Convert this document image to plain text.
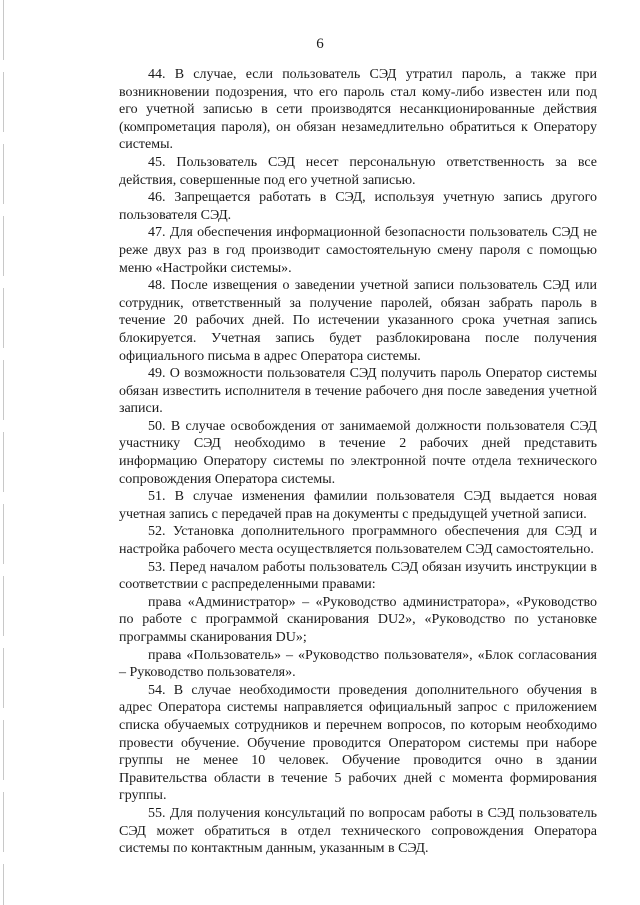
6

44. В случае, если пользователь СЭД утратил пароль, а также при возникновении подозрения, что его пароль стал кому-либо известен или под его учетной записью в сети производятся несанкционированные действия (компрометация пароля), он обязан незамедлительно обратиться к Оператору системы.

45. Пользователь СЭД несет персональную ответственность за все действия, совершенные под его учетной записью.

46. Запрещается работать в СЭД, используя учетную запись другого пользователя СЭД.

47. Для обеспечения информационной безопасности пользователь СЭД не реже двух раз в год производит самостоятельную смену пароля с помощью меню «Настройки системы».

48. После извещения о заведении учетной записи пользователь СЭД или сотрудник, ответственный за получение паролей, обязан забрать пароль в течение 20 рабочих дней. По истечении указанного срока учетная запись блокируется. Учетная запись будет разблокирована после получения официального письма в адрес Оператора системы.

49. О возможности пользователя СЭД получить пароль Оператор системы обязан известить исполнителя в течение рабочего дня после заведения учетной записи.

50. В случае освобождения от занимаемой должности пользователя СЭД участнику СЭД необходимо в течение 2 рабочих дней представить информацию Оператору системы по электронной почте отдела технического сопровождения Оператора системы.

51. В случае изменения фамилии пользователя СЭД выдается новая учетная запись с передачей прав на документы с предыдущей учетной записи.

52. Установка дополнительного программного обеспечения для СЭД и настройка рабочего места осуществляется пользователем СЭД самостоятельно.

53. Перед началом работы пользователь СЭД обязан изучить инструкции в соответствии с распределенными правами:

права «Администратор» – «Руководство администратора», «Руководство по работе с программой сканирования DU2», «Руководство по установке программы сканирования DU»;

права «Пользователь» – «Руководство пользователя», «Блок согласования – Руководство пользователя».

54. В случае необходимости проведения дополнительного обучения в адрес Оператора системы направляется официальный запрос с приложением списка обучаемых сотрудников и перечнем вопросов, по которым необходимо провести обучение. Обучение проводится Оператором системы при наборе группы не менее 10 человек. Обучение проводится очно в здании Правительства области в течение 5 рабочих дней с момента формирования группы.

55. Для получения консультаций по вопросам работы в СЭД пользователь СЭД может обратиться в отдел технического сопровождения Оператора системы по контактным данным, указанным в СЭД.
